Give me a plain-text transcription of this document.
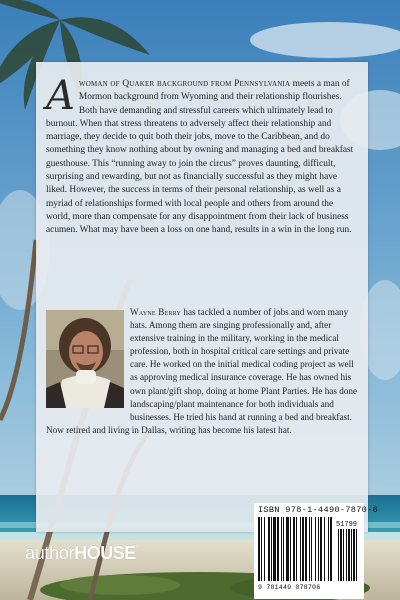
Awoman of Quaker background from Pennsylvania meets a man of Mormon background from Wyoming and their relationship flourishes. Both have demanding and stressful careers which ultimately lead to burnout. When that stress threatens to adversely affect their relationship and marriage, they decide to quit both their jobs, move to the Caribbean, and do something they know nothing about by owning and managing a bed and breakfast guesthouse. This “running away to join the circus” proves daunting, difficult, surprising and rewarding, but not as financially successful as they might have liked. However, the success in terms of their personal relationship, as well as a myriad of relationships formed with local people and others from around the world, more than compensate for any disappointment from their lack of business acumen. What may have been a loss on one hand, results in a win in the long run.
Wayne Berry has tackled a number of jobs and worn many hats. Among them are singing professionally and, after extensive training in the military, working in the medical profession, both in hospital critical care settings and private care. He worked on the initial medical coding project as well as approving medical insurance coverage. He has owned his own plant/gift shop, doing at home Plant Parties. He has done landscaping/plant maintenance for both individuals and businesses. He tried his hand at running a bed and breakfast. Now retired and living in Dallas, writing has become his latest hat.
ISBN 978-1-4490-7870-6
51799
9 781449 078706
authorHOUSE®
